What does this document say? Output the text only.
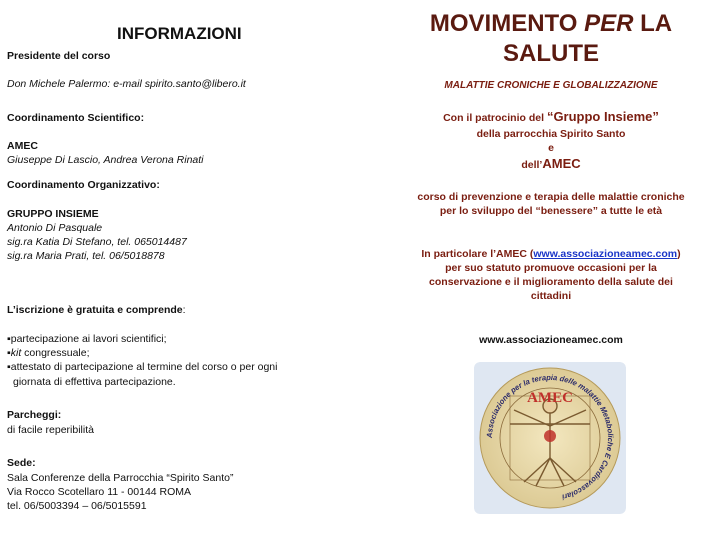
INFORMAZIONI
Presidente del corso
Don Michele Palermo: e-mail spirito.santo@libero.it
Coordinamento Scientifico:
AMEC
Giuseppe Di Lascio, Andrea Verona Rinati
Coordinamento Organizzativo:
GRUPPO INSIEME
Antonio Di Pasquale
sig.ra Katia Di Stefano, tel. 065014487
sig.ra Maria Prati, tel. 06/5018878
L’iscrizione è gratuita e comprende:
▪partecipazione ai lavori scientifici;
▪kit congressuale;
▪attestato di partecipazione al termine del corso o per ogni
giornata di effettiva partecipazione.
Parcheggi:
di facile reperibilità
Sede:
Sala Conferenze della Parrocchia “Spirito Santo”
Via Rocco Scotellaro 11 - 00144 ROMA
tel. 06/5003394 – 06/5015591
MOVIMENTO PER LA
SALUTE
MALATTIE CRONICHE E GLOBALIZZAZIONE
Con il patrocinio del “Gruppo Insieme”
della parrocchia Spirito Santo
e
dell’AMEC
corso di prevenzione e terapia delle malattie croniche
per lo sviluppo del “benessere” a tutte le età
In particolare l’AMEC (www.associazioneamec.com)
per suo statuto promuove occasioni per la
conservazione e il miglioramento della salute dei
cittadini
www.associazioneamec.com
AMEC
Associazione per la terapia delle malattie Metaboliche E Cardiovascolari
